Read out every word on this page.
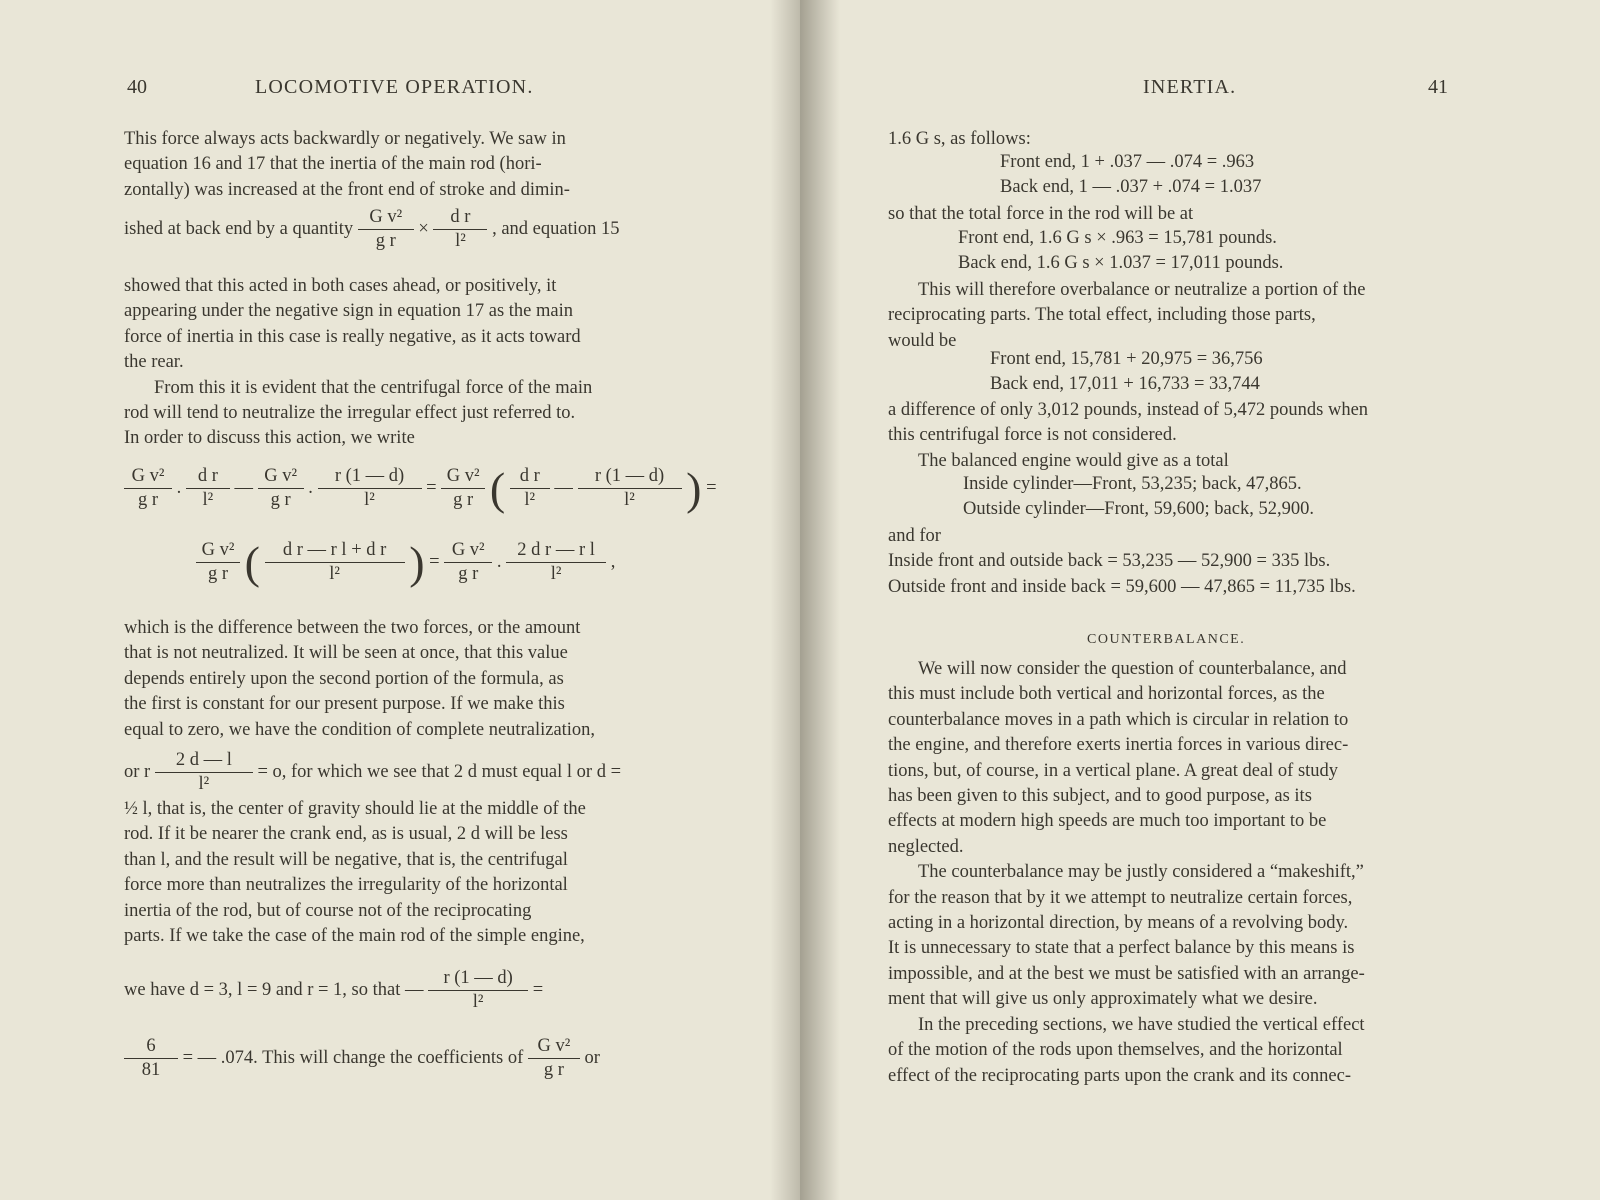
40	LOCOMOTIVE OPERATION.

This force always acts backwardly or negatively. We saw in

equation 16 and 17 that the inertia of the main rod (hori-

zontally) was increased at the front end of stroke and dimin-

ished at back end by a quantity $\frac{\text{G v²}}{\text{g r}} \times \frac{\text{d r}}{\text{l²}}$ , and equation 15

showed that this acted in both cases ahead, or positively, it

appearing under the negative sign in equation 17 as the main

force of inertia in this case is really negative, as it acts toward

the rear.

From this it is evident that the centrifugal force of the main

rod will tend to neutralize the irregular effect just referred to.

In order to discuss this action, we write

$\frac{\text{G v²}}{\text{g r}}$ . $\frac{\text{d r}}{\text{l²}}$ — $\frac{\text{G v²}}{\text{g r}}$ . $\frac{r (1 — d)}{\text{l²}} = \frac{\text{G v²}}{\text{g r}}$ ( $\frac{\text{d r}}{\text{l²}}$ — $\frac{r (1 — d)}{\text{l²}}$ ) =
$\frac{\text{G v²}}{\text{g r}}$ ( $\frac{\text{d r — r l + d r}}{\text{l²}}$ ) = $\frac{\text{G v²}}{\text{g r}}$ . $\frac{\text{2 d r — r l}}{\text{l²}}$ ,

which is the difference between the two forces, or the amount

that is not neutralized. It will be seen at once, that this value

depends entirely upon the second portion of the formula, as

the first is constant for our present purpose. If we make this

equal to zero, we have the condition of complete neutralization,

or r $\frac{2 d — l}{\text{l²}} = o$, for which we see that 2 d must equal l or d =

½ l, that is, the center of gravity should lie at the middle of the

rod. If it be nearer the crank end, as is usual, 2 d will be less

than l, and the result will be negative, that is, the centrifugal

force more than neutralizes the irregularity of the horizontal

inertia of the rod, but of course not of the reciprocating

parts. If we take the case of the main rod of the simple engine,

we have d = 3, l = 9 and r = 1, so that — $\frac{r (1 — d)}{\text{l²}}$ =
$\frac{6}{81}$ = — .074. This will change the coefficients of $\frac{\text{G v²}}{\text{g r}}$ or
INERTIA.	41

1.6 G s, as follows:

Front end, 1 + .037 — .074 = .963
Back end, 1 — .037 + .074 = 1.037

so that the total force in the rod will be at

Front end, 1.6 G s × .963 = 15,781 pounds.
Back end, 1.6 G s × 1.037 = 17,011 pounds.

This will therefore overbalance or neutralize a portion of the

reciprocating parts. The total effect, including those parts,

would be

Front end, 15,781 + 20,975 = 36,756
Back end, 17,011 + 16,733 = 33,744

a difference of only 3,012 pounds, instead of 5,472 pounds when

this centrifugal force is not considered.

The balanced engine would give as a total

Inside cylinder—Front, 53,235; back, 47,865.
Outside cylinder—Front, 59,600; back, 52,900.

and for

Inside front and outside back = 53,235 — 52,900 = 335 lbs.

Outside front and inside back = 59,600 — 47,865 = 11,735 lbs.

COUNTERBALANCE.

We will now consider the question of counterbalance, and

this must include both vertical and horizontal forces, as the

counterbalance moves in a path which is circular in relation to

the engine, and therefore exerts inertia forces in various direc-

tions, but, of course, in a vertical plane. A great deal of study

has been given to this subject, and to good purpose, as its

effects at modern high speeds are much too important to be

neglected.

The counterbalance may be justly considered a “makeshift,”

for the reason that by it we attempt to neutralize certain forces,

acting in a horizontal direction, by means of a revolving body.

It is unnecessary to state that a perfect balance by this means is

impossible, and at the best we must be satisfied with an arrange-

ment that will give us only approximately what we desire.

In the preceding sections, we have studied the vertical effect

of the motion of the rods upon themselves, and the horizontal

effect of the reciprocating parts upon the crank and its connec-
